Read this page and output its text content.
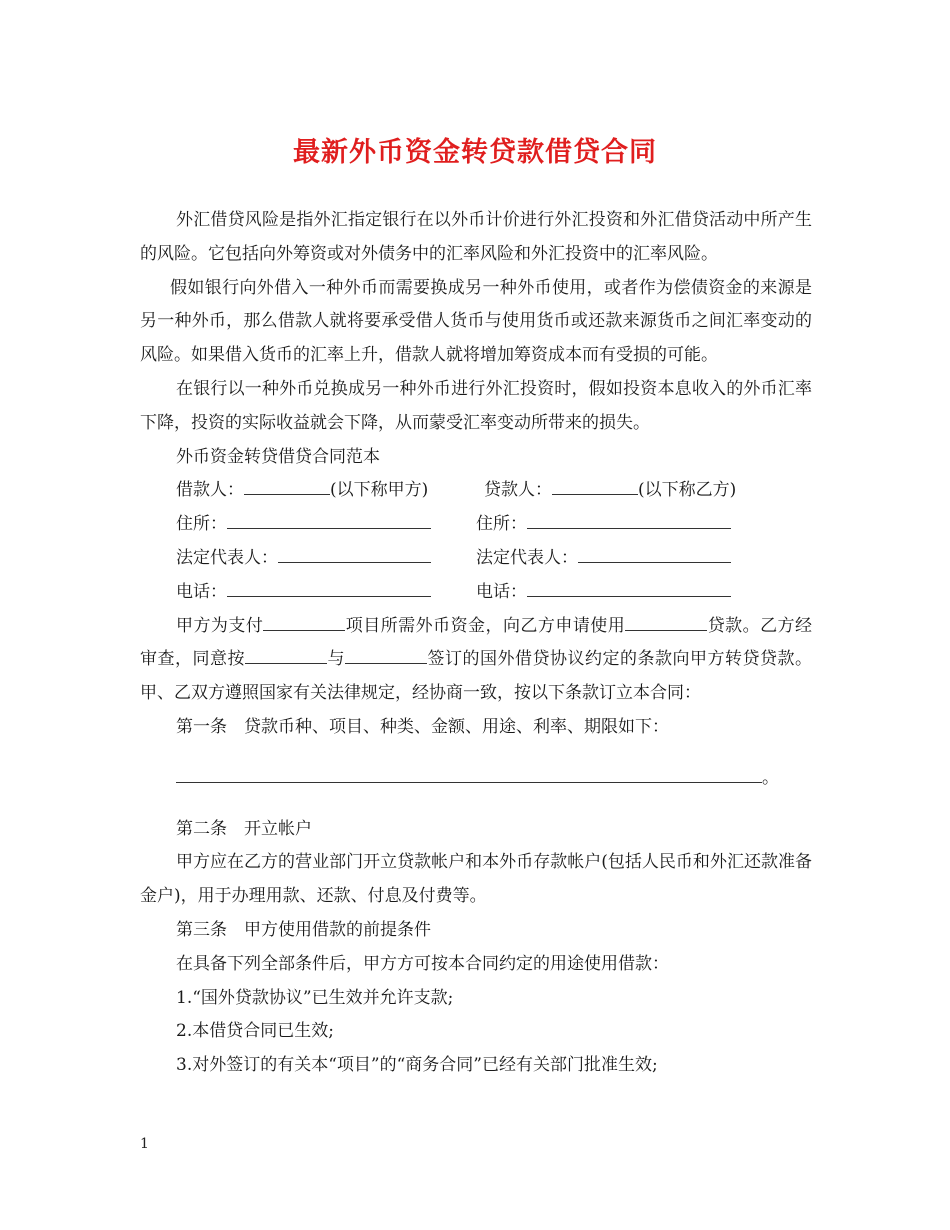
最新外币资金转贷款借贷合同

外汇借贷风险是指外汇指定银行在以外币计价进行外汇投资和外汇借贷活动中所产生的风险。它包括向外筹资或对外债务中的汇率风险和外汇投资中的汇率风险。

假如银行向外借入一种外币而需要换成另一种外币使用，或者作为偿债资金的来源是另一种外币，那么借款人就将要承受借人货币与使用货币或还款来源货币之间汇率变动的风险。如果借入货币的汇率上升，借款人就将增加筹资成本而有受损的可能。

在银行以一种外币兑换成另一种外币进行外汇投资时，假如投资本息收入的外币汇率下降，投资的实际收益就会下降，从而蒙受汇率变动所带来的损失。

外币资金转贷借贷合同范本

借款人：	(以下称甲方)	贷款人：	(以下称乙方)
住所：	住所：
法定代表人：	法定代表人：
电话：	电话：

甲方为支付	项目所需外币资金，向乙方申请使用	贷款。乙方经审查，同意按	与	签订的国外借贷协议约定的条款向甲方转贷贷款。甲、乙双方遵照国家有关法律规定，经协商一致，按以下条款订立本合同：

第一条　贷款币种、项目、种类、金额、用途、利率、期限如下：

。

第二条　开立帐户

甲方应在乙方的营业部门开立贷款帐户和本外币存款帐户(包括人民币和外汇还款准备金户)，用于办理用款、还款、付息及付费等。

第三条　甲方使用借款的前提条件

在具备下列全部条件后，甲方方可按本合同约定的用途使用借款：

1.“国外贷款协议”已生效并允许支款;

2.本借贷合同已生效;

3.对外签订的有关本“项目”的“商务合同”已经有关部门批准生效;

1
